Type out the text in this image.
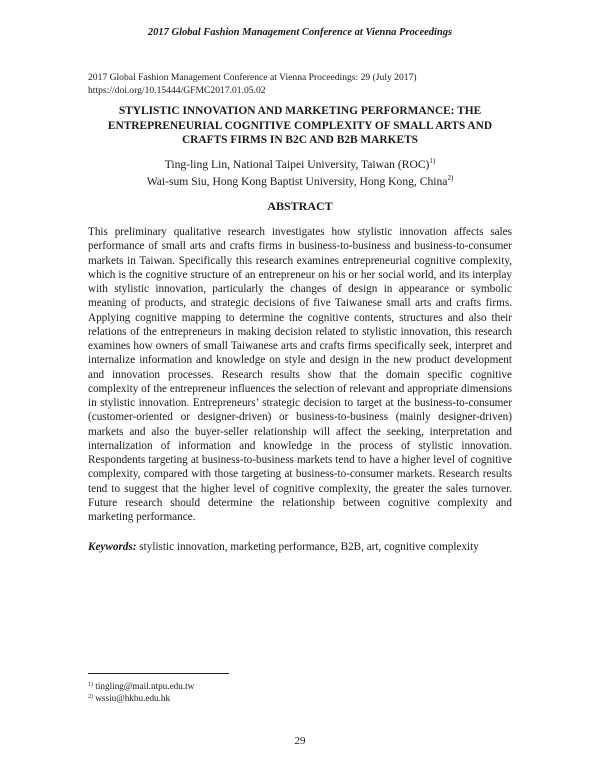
2017 Global Fashion Management Conference at Vienna Proceedings
2017 Global Fashion Management Conference at Vienna Proceedings: 29 (July 2017)
https://doi.org/10.15444/GFMC2017.01.05.02
STYLISTIC INNOVATION AND MARKETING PERFORMANCE: THE ENTREPRENEURIAL COGNITIVE COMPLEXITY OF SMALL ARTS AND CRAFTS FIRMS IN B2C AND B2B MARKETS
Ting-ling Lin, National Taipei University, Taiwan (ROC)$^{1)}$
Wai-sum Siu, Hong Kong Baptist University, Hong Kong, China$^{2)}$
ABSTRACT
This preliminary qualitative research investigates how stylistic innovation affects sales performance of small arts and crafts firms in business-to-business and business-to-consumer markets in Taiwan. Specifically this research examines entrepreneurial cognitive complexity, which is the cognitive structure of an entrepreneur on his or her social world, and its interplay with stylistic innovation, particularly the changes of design in appearance or symbolic meaning of products, and strategic decisions of five Taiwanese small arts and crafts firms. Applying cognitive mapping to determine the cognitive contents, structures and also their relations of the entrepreneurs in making decision related to stylistic innovation, this research examines how owners of small Taiwanese arts and crafts firms specifically seek, interpret and internalize information and knowledge on style and design in the new product development and innovation processes. Research results show that the domain specific cognitive complexity of the entrepreneur influences the selection of relevant and appropriate dimensions in stylistic innovation. Entrepreneurs’ strategic decision to target at the business-to-consumer (customer-oriented or designer-driven) or business-to-business (mainly designer-driven) markets and also the buyer-seller relationship will affect the seeking, interpretation and internalization of information and knowledge in the process of stylistic innovation. Respondents targeting at business-to-business markets tend to have a higher level of cognitive complexity, compared with those targeting at business-to-consumer markets. Research results tend to suggest that the higher level of cognitive complexity, the greater the sales turnover. Future research should determine the relationship between cognitive complexity and marketing performance.
Keywords: stylistic innovation, marketing performance, B2B, art, cognitive complexity
$^{1)}$ tingling@mail.ntpu.edu.tw
$^{2)}$ wssiu@hkbu.edu.hk
29
